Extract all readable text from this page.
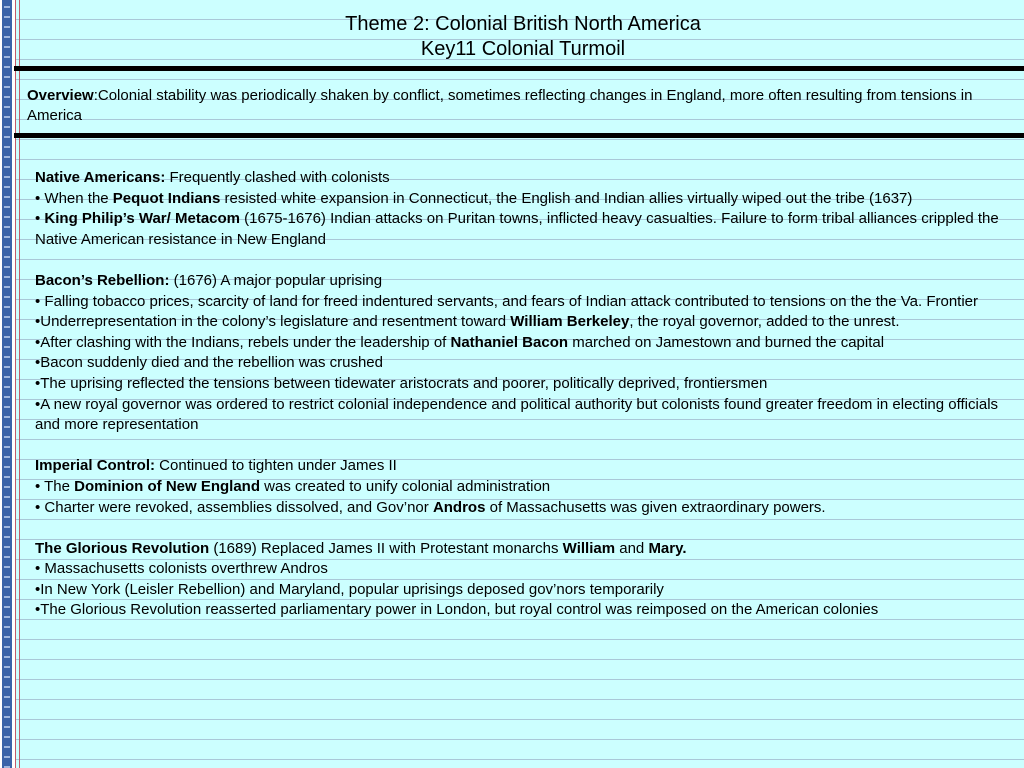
Theme 2: Colonial British North America
Key11 Colonial Turmoil
Overview:Colonial stability was periodically shaken by conflict, sometimes reflecting changes in England, more often resulting from tensions in America

Native Americans: Frequently clashed with colonists

• When the Pequot Indians resisted white expansion in Connecticut, the English and Indian allies virtually wiped out the tribe (1637)

• King Philip’s War/ Metacom (1675-1676) Indian attacks on Puritan towns, inflicted heavy casualties. Failure to form tribal alliances crippled the Native American resistance in New England

Bacon’s Rebellion: (1676) A major popular uprising

• Falling tobacco prices, scarcity of land for freed indentured servants, and fears of Indian attack contributed to tensions on the the Va. Frontier

•Underrepresentation in the colony’s legislature and resentment toward William Berkeley, the royal governor, added to the unrest.

•After clashing with the Indians, rebels under the leadership of Nathaniel Bacon marched on Jamestown and burned the capital

•Bacon suddenly died and the rebellion was crushed

•The uprising reflected the tensions between tidewater aristocrats and poorer, politically deprived, frontiersmen

•A new royal governor was ordered to restrict colonial independence and political authority but colonists found greater freedom in electing officials and more representation

Imperial Control: Continued to tighten under James II

• The Dominion of New England was created to unify colonial administration

• Charter were revoked, assemblies dissolved, and Gov’nor Andros of Massachusetts was given extraordinary powers.

The Glorious Revolution (1689) Replaced James II with Protestant monarchs William and Mary.

• Massachusetts colonists overthrew Andros

•In New York (Leisler Rebellion) and Maryland, popular uprisings deposed gov’nors temporarily

•The Glorious Revolution reasserted parliamentary power in London, but royal control was reimposed on the American colonies
